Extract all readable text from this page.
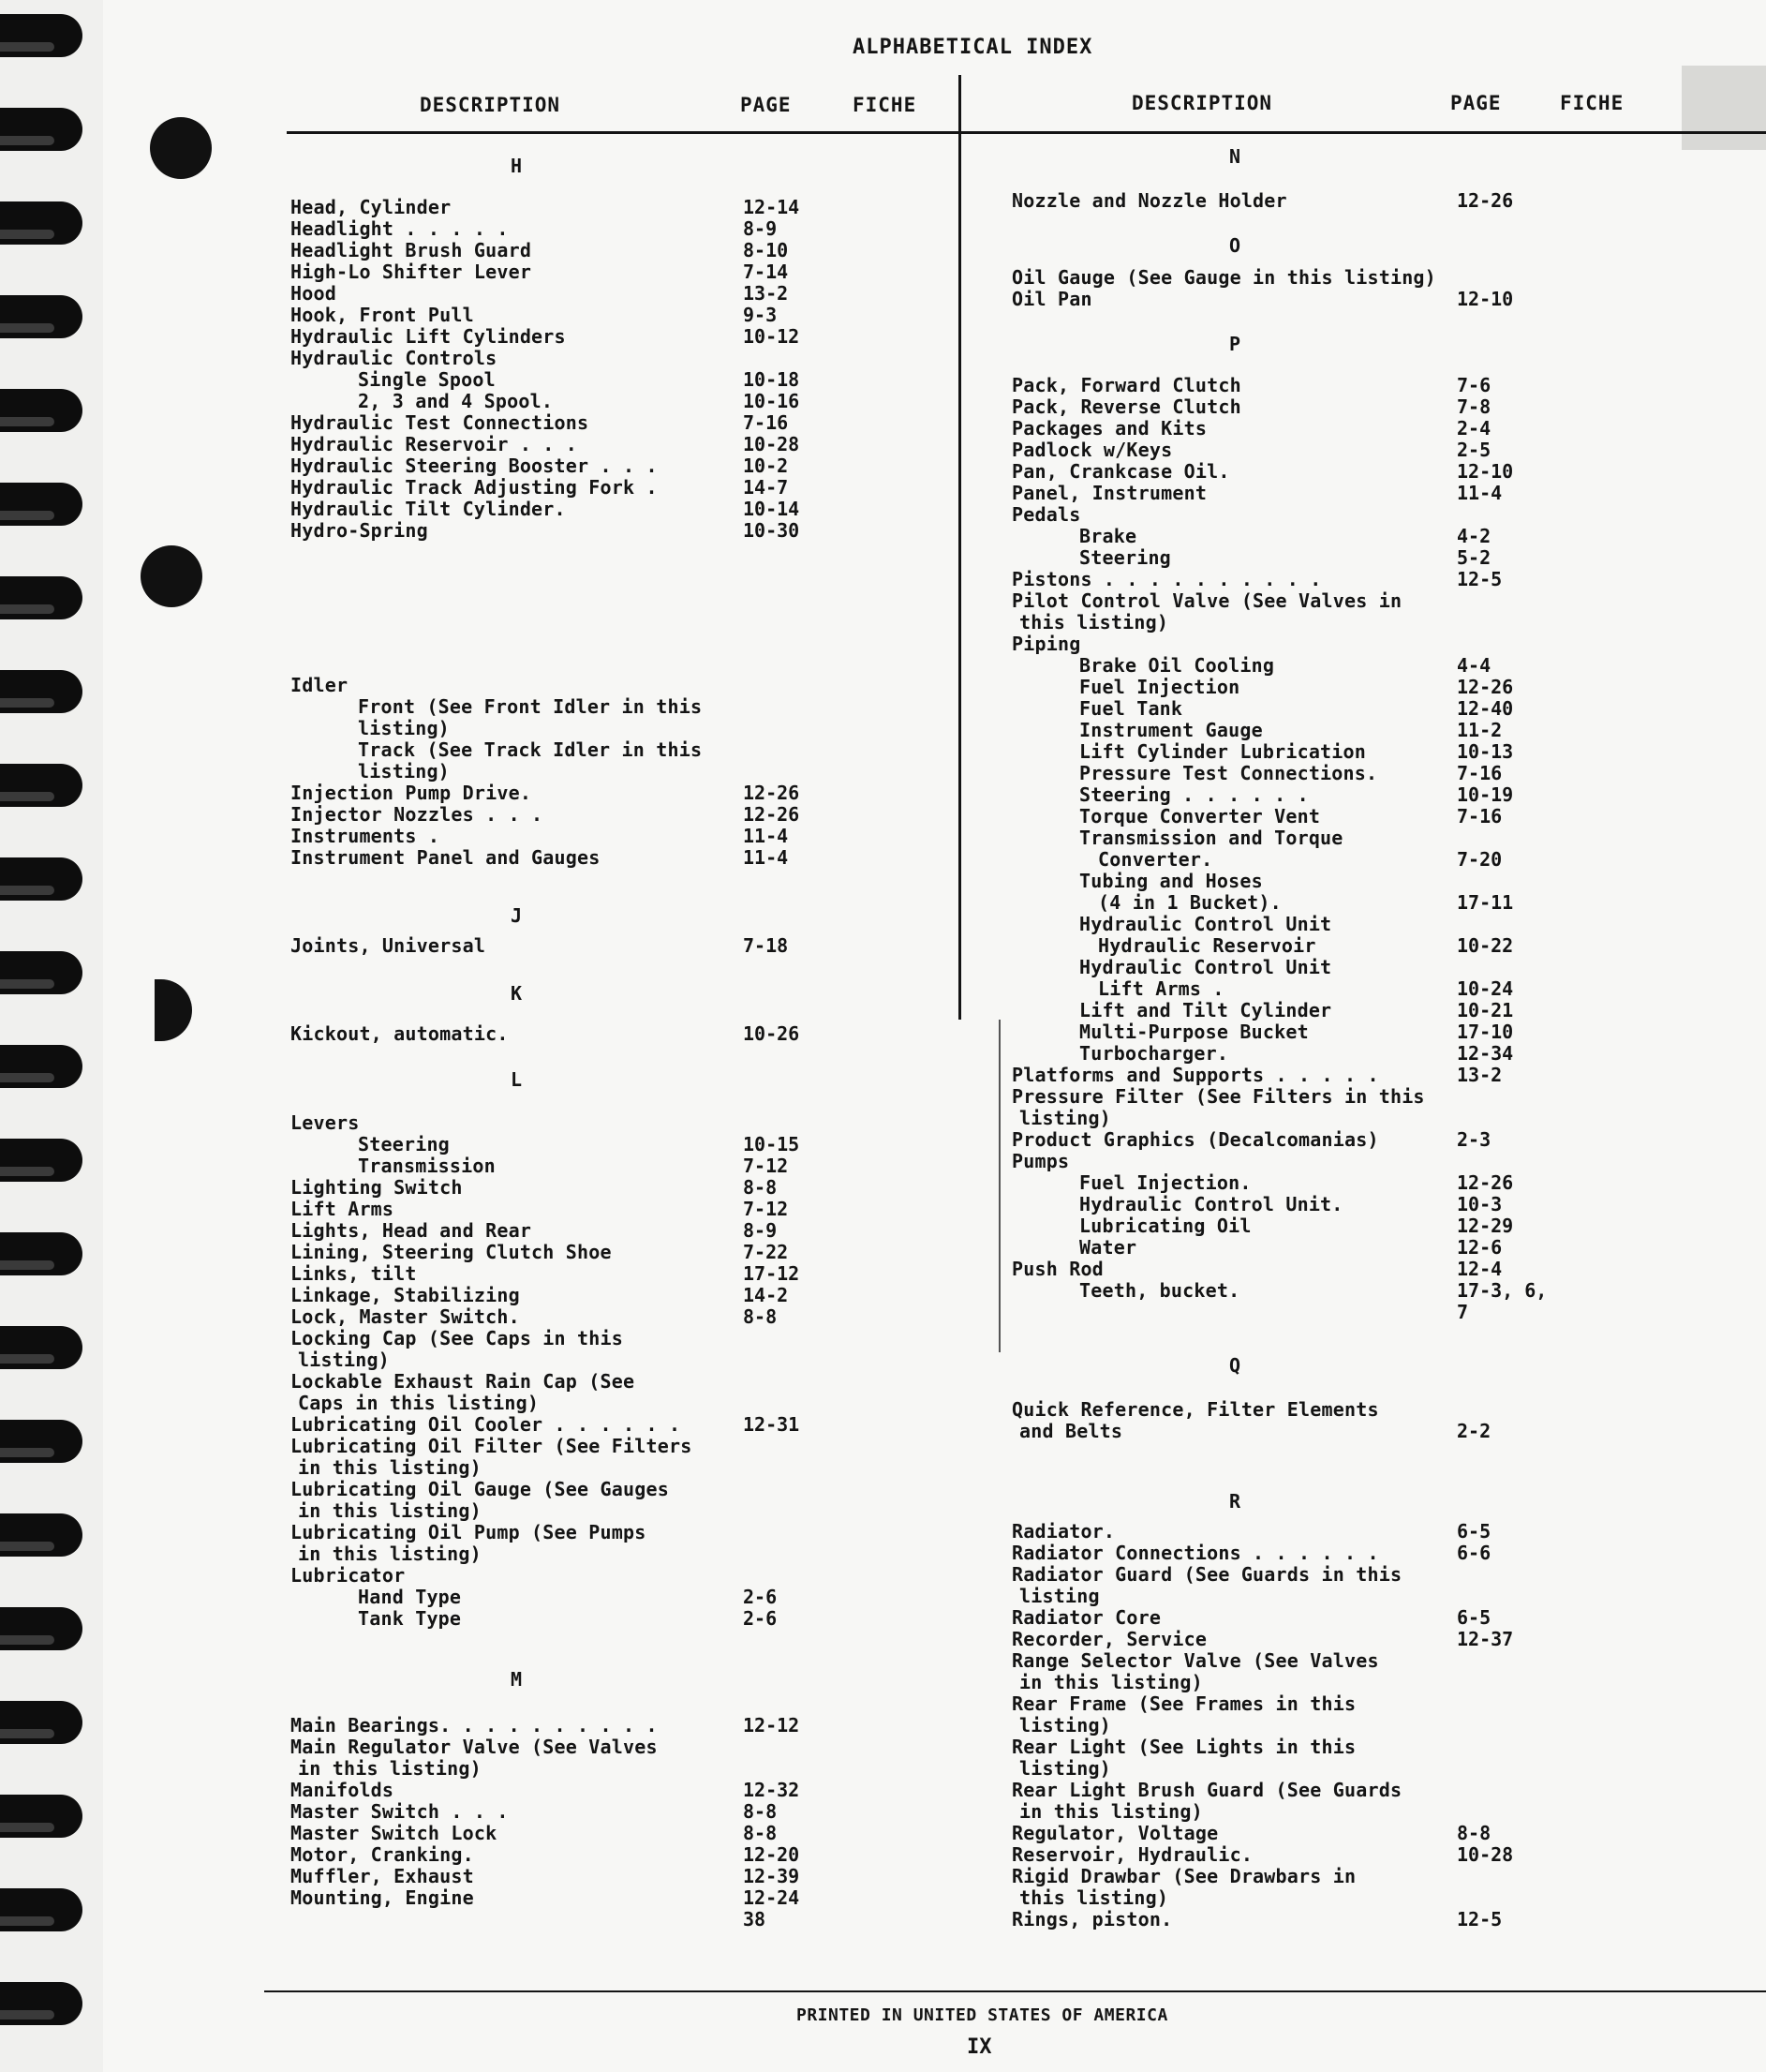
ALPHABETICAL INDEX
DESCRIPTION	PAGE	FICHE	DESCRIPTION	PAGE	FICHE
H
J
K
L
M
Head, Cylinder	12-14
Headlight . . . . .	8-9
Headlight Brush Guard	8-10
High-Lo Shifter Lever	7-14
Hood	13-2
Hook, Front Pull	9-3
Hydraulic Lift Cylinders	10-12
Hydraulic Controls
Single Spool	10-18
2, 3 and 4 Spool.	10-16
Hydraulic Test Connections	7-16
Hydraulic Reservoir . . .	10-28
Hydraulic Steering Booster . . .	10-2
Hydraulic Track Adjusting Fork .	14-7
Hydraulic Tilt Cylinder.	10-14
Hydro-Spring	10-30
Idler
Front (See Front Idler in this
listing)
Track (See Track Idler in this
listing)
Injection Pump Drive.	12-26
Injector Nozzles . . .	12-26
Instruments .	11-4
Instrument Panel and Gauges	11-4
Joints, Universal	7-18
Kickout, automatic.	10-26
Levers
Steering	10-15
Transmission	7-12
Lighting Switch	8-8
Lift Arms	7-12
Lights, Head and Rear	8-9
Lining, Steering Clutch Shoe	7-22
Links, tilt	17-12
Linkage, Stabilizing	14-2
Lock, Master Switch.	8-8
Locking Cap (See Caps in this
listing)
Lockable Exhaust Rain Cap (See
Caps in this listing)
Lubricating Oil Cooler . . . . . .	12-31
Lubricating Oil Filter (See Filters
in this listing)
Lubricating Oil Gauge (See Gauges
in this listing)
Lubricating Oil Pump (See Pumps
in this listing)
Lubricator
Hand Type	2-6
Tank Type	2-6
Main Bearings. . . . . . . . . .	12-12
Main Regulator Valve (See Valves
in this listing)
Manifolds	12-32
Master Switch . . .	8-8
Master Switch Lock	8-8
Motor, Cranking.	12-20
Muffler, Exhaust	12-39
Mounting, Engine	12-24
38
N
O
P
Q
R
Nozzle and Nozzle Holder	12-26
Oil Gauge (See Gauge in this listing)
Oil Pan	12-10
Pack, Forward Clutch	7-6
Pack, Reverse Clutch	7-8
Packages and Kits	2-4
Padlock w/Keys	2-5
Pan, Crankcase Oil.	12-10
Panel, Instrument	11-4
Pedals
Brake	4-2
Steering	5-2
Pistons . . . . . . . . . .	12-5
Pilot Control Valve (See Valves in
this listing)
Piping
Brake Oil Cooling	4-4
Fuel Injection	12-26
Fuel Tank	12-40
Instrument Gauge	11-2
Lift Cylinder Lubrication	10-13
Pressure Test Connections.	7-16
Steering . . . . . .	10-19
Torque Converter Vent	7-16
Transmission and Torque
Converter.	7-20
Tubing and Hoses
(4 in 1 Bucket).	17-11
Hydraulic Control Unit
Hydraulic Reservoir	10-22
Hydraulic Control Unit
Lift Arms .	10-24
Lift and Tilt Cylinder	10-21
Multi-Purpose Bucket	17-10
Turbocharger.	12-34
Platforms and Supports . . . . .	13-2
Pressure Filter (See Filters in this
listing)
Product Graphics (Decalcomanias)	2-3
Pumps
Fuel Injection.	12-26
Hydraulic Control Unit.	10-3
Lubricating Oil	12-29
Water	12-6
Push Rod	12-4
Teeth, bucket.	17-3, 6,
7
Quick Reference, Filter Elements
and Belts	2-2
Radiator.	6-5
Radiator Connections . . . . . .	6-6
Radiator Guard (See Guards in this
listing
Radiator Core	6-5
Recorder, Service	12-37
Range Selector Valve (See Valves
in this listing)
Rear Frame (See Frames in this
listing)
Rear Light (See Lights in this
listing)
Rear Light Brush Guard (See Guards
in this listing)
Regulator, Voltage	8-8
Reservoir, Hydraulic.	10-28
Rigid Drawbar (See Drawbars in
this listing)
Rings, piston.	12-5
PRINTED IN UNITED STATES OF AMERICA
IX
